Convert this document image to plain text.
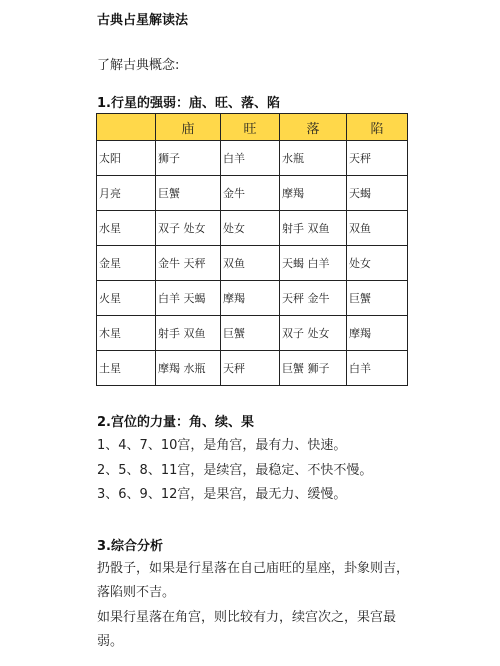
古典占星解读法
了解古典概念:
1.行星的强弱：庙、旺、落、陷
	庙	旺	落	陷
太阳	狮子	白羊	水瓶	天秤
月亮	巨蟹	金牛	摩羯	天蝎
水星	双子 处女	处女	射手 双鱼	双鱼
金星	金牛 天秤	双鱼	天蝎 白羊	处女
火星	白羊 天蝎	摩羯	天秤 金牛	巨蟹
木星	射手 双鱼	巨蟹	双子 处女	摩羯
土星	摩羯 水瓶	天秤	巨蟹 狮子	白羊
2.宫位的力量：角、续、果
1、4、7、10宫，是角宫，最有力、快速。
2、5、8、11宫，是续宫，最稳定、不快不慢。
3、6、9、12宫，是果宫，最无力、缓慢。
3.综合分析
扔骰子，如果是行星落在自己庙旺的星座，卦象则吉，落陷则不吉。
如果行星落在角宫，则比较有力，续宫次之，果宫最弱。
